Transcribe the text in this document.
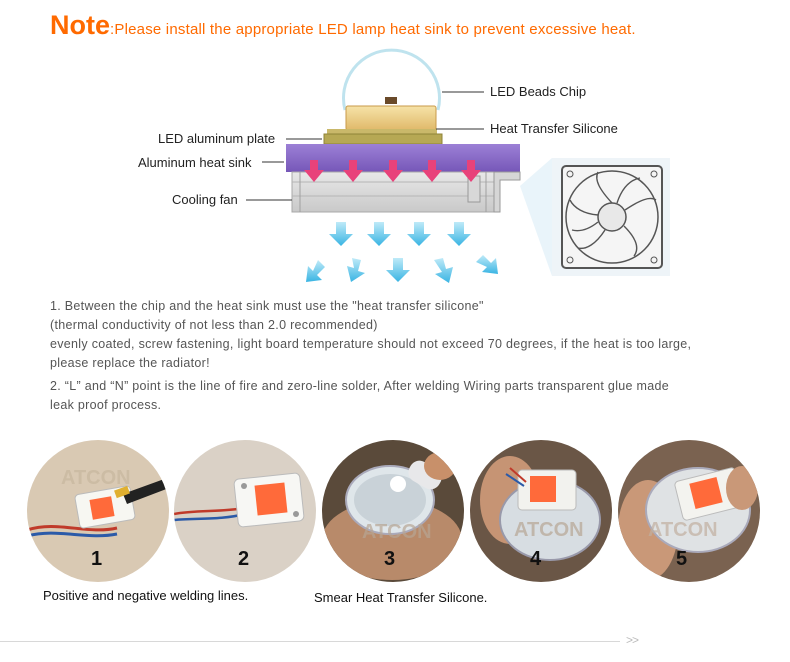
Note:Please install the appropriate LED lamp heat sink to prevent excessive heat.
LED Beads Chip
Heat Transfer Silicone
LED aluminum plate
Aluminum heat sink
Cooling fan

1. Between the chip and the heat sink must use the "heat transfer silicone"

(thermal conductivity of not less than 2.0 recommended)

evenly coated, screw fastening, light board temperature should not exceed 70 degrees, if the heat is too large,

please replace the radiator!

2. “L” and “N” point is the line of fire and zero-line solder, After welding Wiring parts transparent glue made

leak proof process.

ATCON
ATCON	ATCON	ATCON
1	2	3	4	5
Positive and negative welding lines.	Smear Heat Transfer Silicone.
>>
